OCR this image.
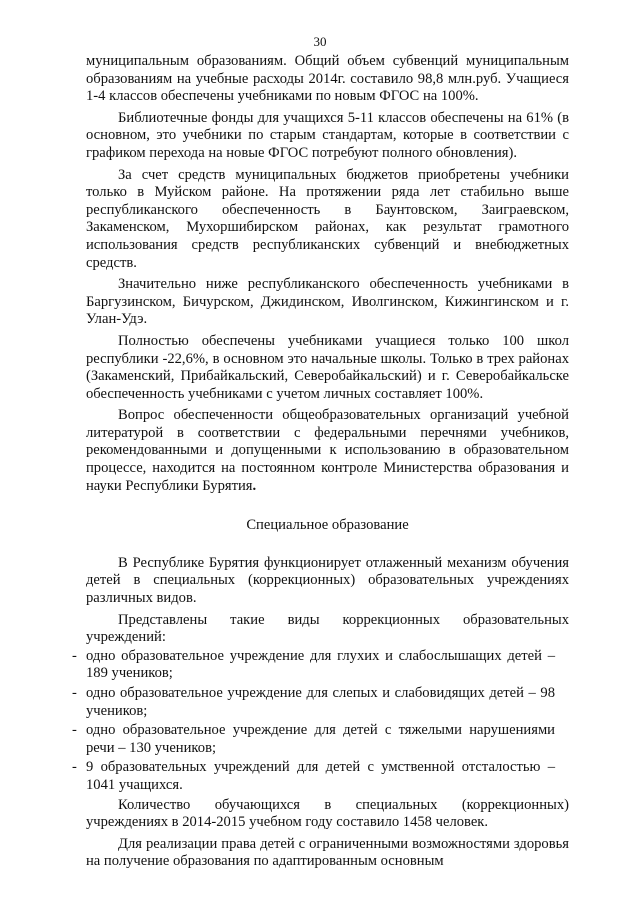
30

муниципальным образованиям. Общий объем субвенций муниципальным образованиям на учебные расходы 2014г. составило 98,8 млн.руб. Учащиеся 1-4 классов обеспечены учебниками по новым ФГОС на 100%.

Библиотечные фонды для учащихся 5-11 классов обеспечены на 61% (в основном, это учебники по старым стандартам, которые в соответствии с графиком перехода на новые ФГОС потребуют полного обновления).

За счет средств муниципальных бюджетов приобретены учебники только в Муйском районе. На протяжении ряда лет стабильно выше республиканского обеспеченность в Баунтовском, Заиграевском, Закаменском, Мухоршибирском районах, как результат грамотного использования средств республиканских субвенций и внебюджетных средств.

Значительно ниже республиканского обеспеченность учебниками в Баргузинском, Бичурском, Джидинском, Иволгинском, Кижингинском и г. Улан-Удэ.

Полностью обеспечены учебниками учащиеся только 100 школ республики -22,6%, в основном это начальные школы. Только в трех районах (Закаменский, Прибайкальский, Северобайкальский) и г. Северобайкальске обеспеченность учебниками с учетом личных составляет 100%.

Вопрос обеспеченности общеобразовательных организаций учебной литературой в соответствии с федеральными перечнями учебников, рекомендованными и допущенными к использованию в образовательном процессе, находится на постоянном контроле Министерства образования и науки Республики Бурятия.

Специальное образование

В Республике Бурятия функционирует отлаженный механизм обучения детей в специальных (коррекционных) образовательных учреждениях различных видов.

Представлены такие виды коррекционных образовательных учреждений:

- одно образовательное учреждение для глухих и слабослышащих детей – 189 учеников;
- одно образовательное учреждение для слепых и слабовидящих детей – 98 учеников;
- одно образовательное учреждение для детей с тяжелыми нарушениями речи – 130 учеников;
- 9 образовательных учреждений для детей с умственной отсталостью – 1041 учащихся.

Количество обучающихся в специальных (коррекционных) учреждениях в 2014-2015 учебном году составило 1458 человек.

Для реализации права детей с ограниченными возможностями здоровья на получение образования по адаптированным основным
